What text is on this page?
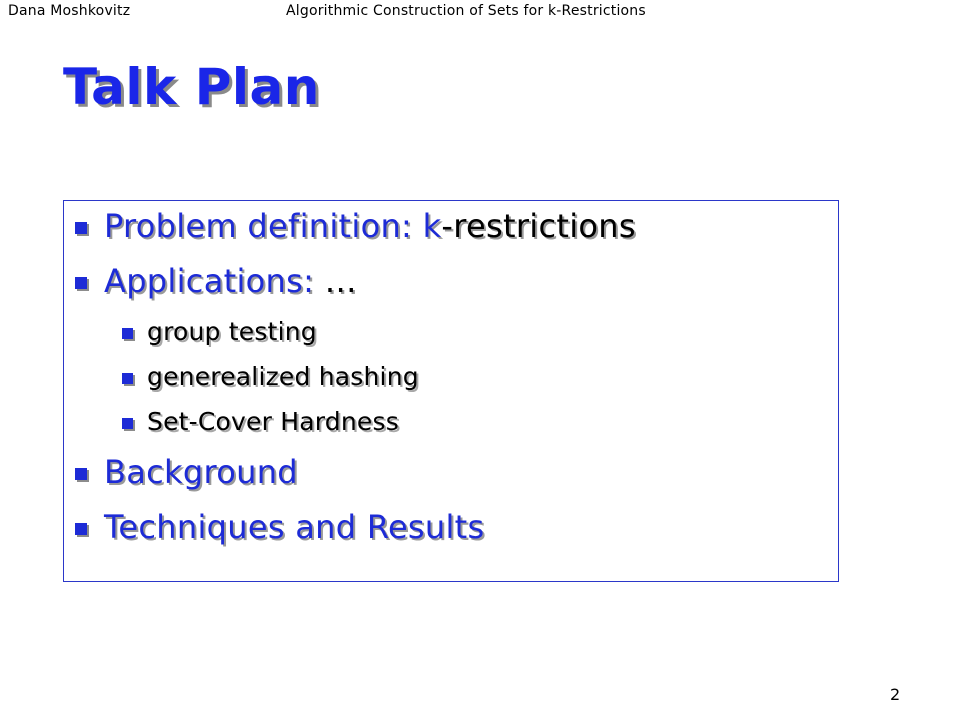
Dana Moshkovitz	Algorithmic Construction of Sets for k-Restrictions
Talk Plan
Problem definition: k-restrictions
Applications: …
group testing
generealized hashing
Set-Cover Hardness
Background
Techniques and Results
2
